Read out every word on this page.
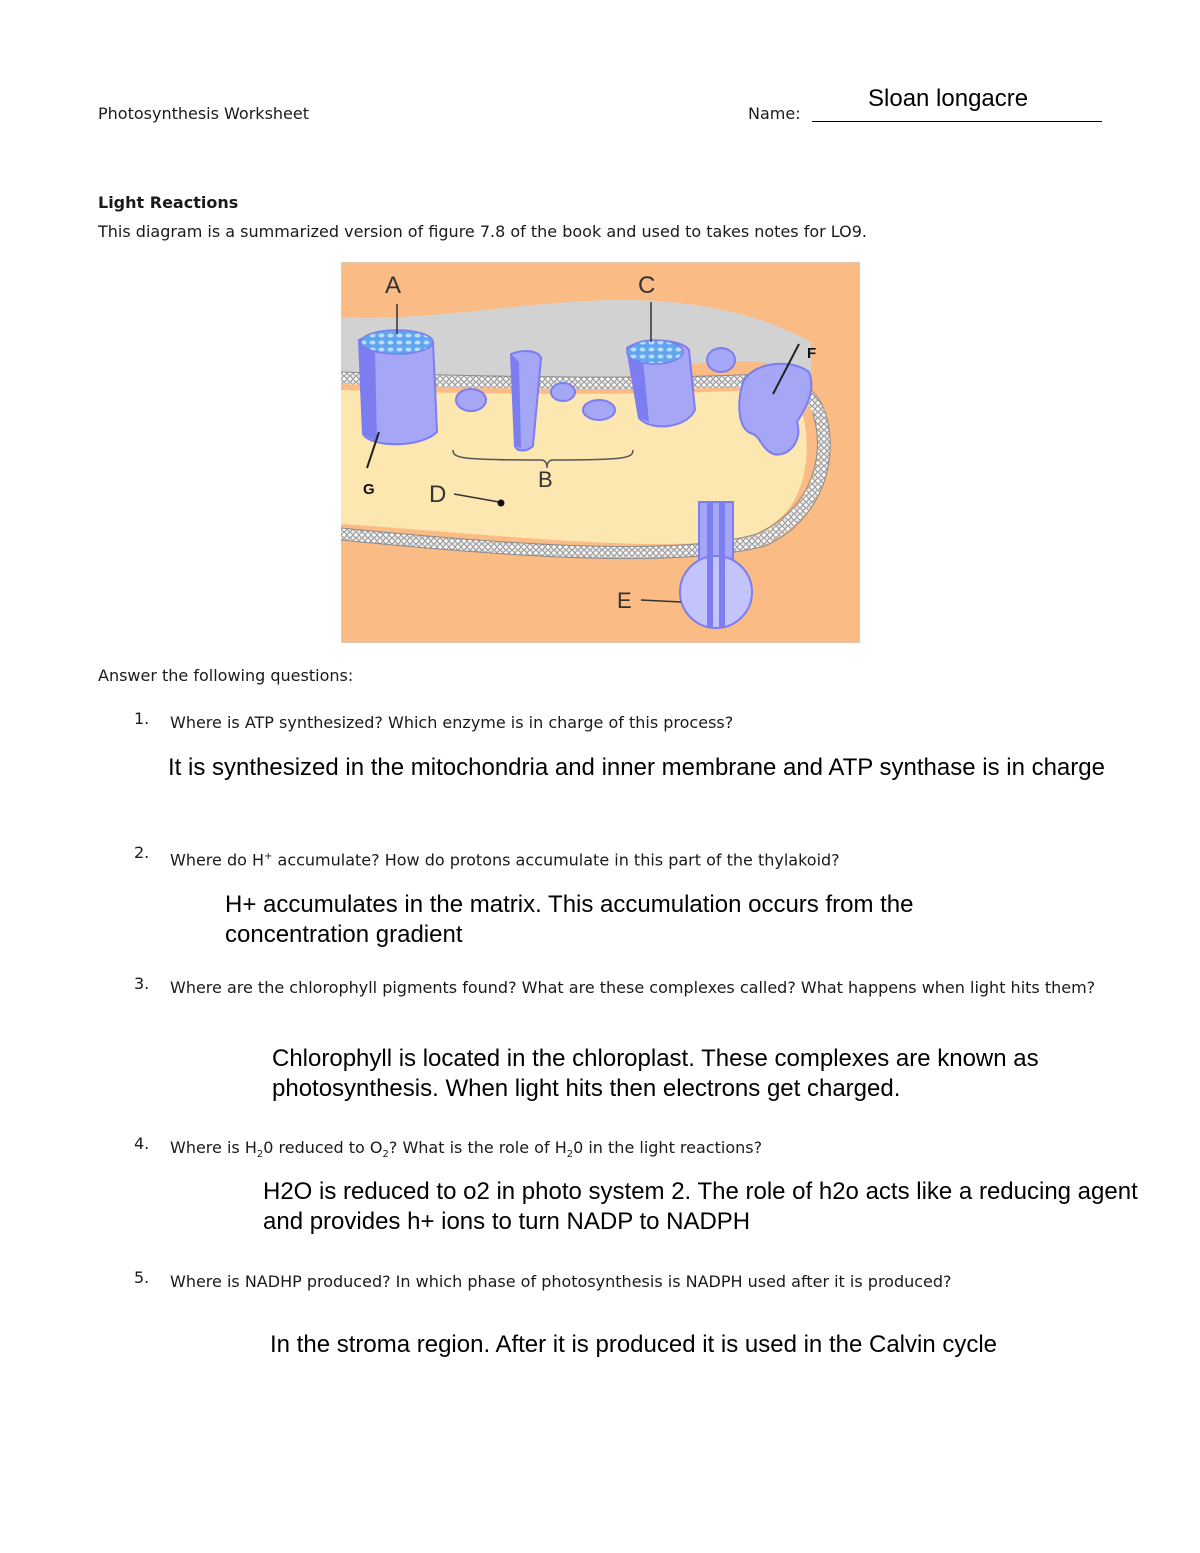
Photosynthesis Worksheet	Name:
Sloan longacre
Light Reactions
This diagram is a summarized version of figure 7.8 of the book and used to takes notes for LO9.
A	C
F
G	B
D
E
Answer the following questions:
1. Where is ATP synthesized? Which enzyme is in charge of this process?
It is synthesized in the mitochondria and inner membrane and ATP synthase is in charge
2. Where do H+ accumulate? How do protons accumulate in this part of the thylakoid?
H+ accumulates in the matrix. This accumulation occurs from the concentration gradient
3. Where are the chlorophyll pigments found? What are these complexes called? What happens when light hits them?
Chlorophyll is located in the chloroplast. These complexes are known as photosynthesis. When light hits then electrons get charged.
4. Where is $H_20$ reduced to $O_2$? What is the role of $H_20$ in the light reactions?
H2O is reduced to o2 in photo system 2. The role of h2o acts like a reducing agent and provides h+ ions to turn NADP to NADPH
5. Where is NADHP produced? In which phase of photosynthesis is NADPH used after it is produced?
In the stroma region. After it is produced it is used in the Calvin cycle
